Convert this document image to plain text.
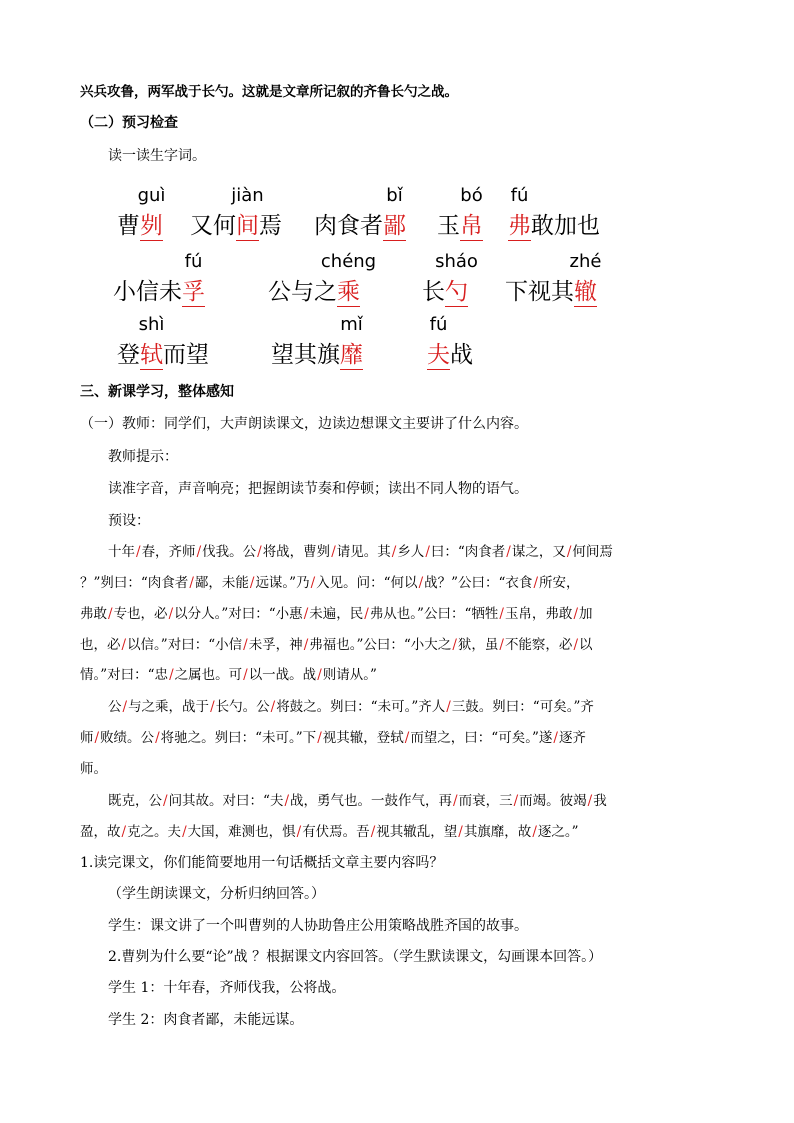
兴兵攻鲁，两军战于长勺。这就是文章所记叙的齐鲁长勺之战。
（二）预习检查
读一读生字词。
曹刿
guì
又何间
jiàn
焉 肉食者鄙
bǐ
玉帛
bó
弗
fú
敢加也
小信未孚
fú
公与之乘
chéng
长勺
sháo
下视其辙
zhé
登轼
shì
而望	望其旗靡
mǐ
夫
fú
战
三、新课学习，整体感知
（一）教师：同学们，大声朗读课文，边读边想课文主要讲了什么内容。
教师提示：
读准字音，声音响亮；把握朗读节奏和停顿；读出不同人物的语气。
预设：
十年/春，齐师/伐我。公/将战，曹刿/请见。其/乡人/曰：“肉食者/谋之，又/何间焉
？”刿曰：“肉食者/鄙，未能/远谋。”乃/入见。问：“何以/战？”公曰：“衣食/所安，
弗敢/专也，必/以分人。”对曰：“小惠/未遍，民/弗从也。”公曰：“牺牲/玉帛，弗敢/加
也，必/以信。”对曰：“小信/未孚，神/弗福也。”公曰：“小大之/狱，虽/不能察，必/以
情。”对曰：“忠/之属也。可/以一战。战/则请从。”
公/与之乘，战于/长勺。公/将鼓之。刿曰：“未可。”齐人/三鼓。刿曰：“可矣。”齐
师/败绩。公/将驰之。刿曰：“未可。”下/视其辙，登轼/而望之，曰：“可矣。”遂/逐齐
师。
既克，公/问其故。对曰：“夫/战，勇气也。一鼓作气，再/而衰，三/而竭。彼竭/我
盈，故/克之。夫/大国，难测也，惧/有伏焉。吾/视其辙乱，望/其旗靡，故/逐之。”
1.读完课文，你们能简要地用一句话概括文章主要内容吗？
（学生朗读课文，分析归纳回答。）
学生：课文讲了一个叫曹刿的人协助鲁庄公用策略战胜齐国的故事。
2.曹刿为什么要“论”战 ？根据课文内容回答。（学生默读课文，勾画课本回答。）
学生 1：十年春，齐师伐我，公将战。
学生 2：肉食者鄙，未能远谋。
